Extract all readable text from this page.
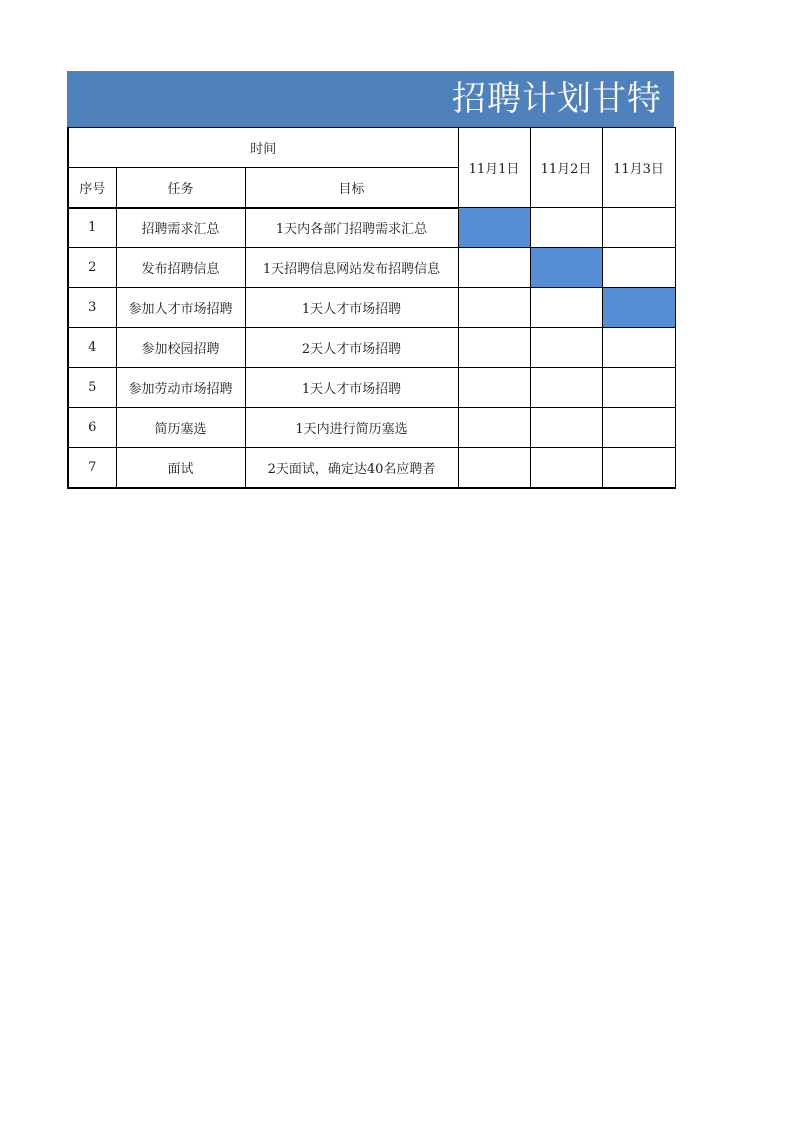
招聘计划甘特
时间			11月1日	11月2日	11月3日
序号	任务	目标			
1	招聘需求汇总	1天内各部门招聘需求汇总			
2	发布招聘信息	1天招聘信息网站发布招聘信息			
3	参加人才市场招聘	1天人才市场招聘			
4	参加校园招聘	2天人才市场招聘			
5	参加劳动市场招聘	1天人才市场招聘			
6	简历塞选	1天内进行简历塞选			
7	面试	2天面试，确定达40名应聘者			
